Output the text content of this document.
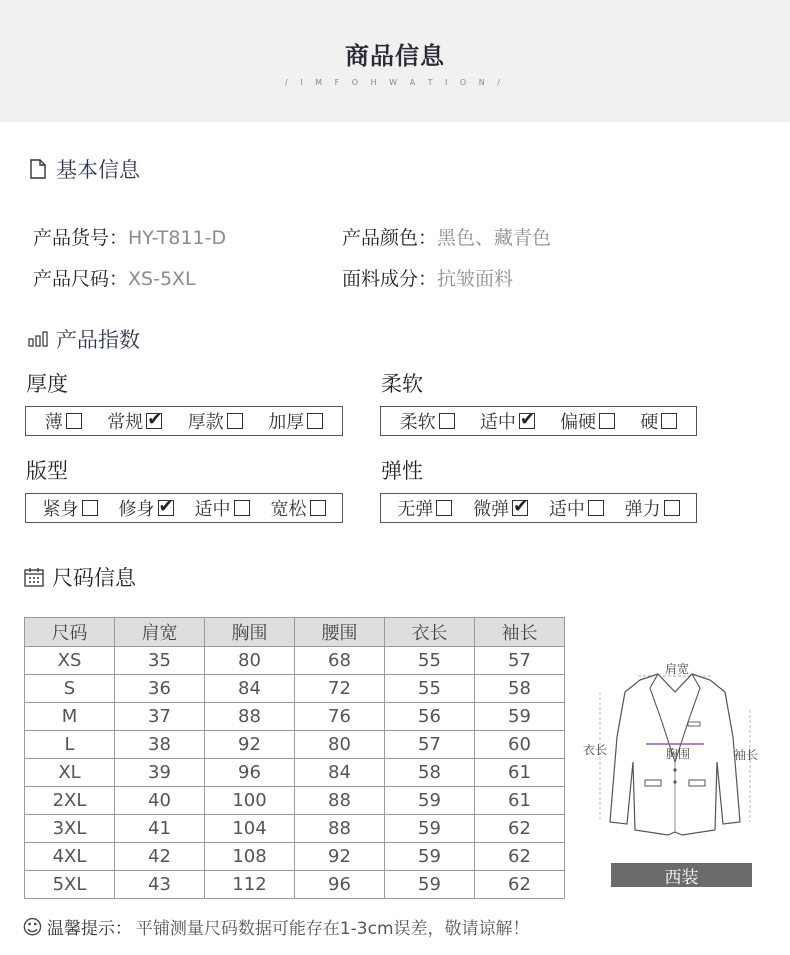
商品信息
/ I M F O H W A T I O N /
基本信息
产品货号：HY-T811-D	产品颜色：黑色、藏青色
产品尺码：XS-5XL	面料成分：抗皱面料
产品指数
厚度
薄 常规 ✔ 厚款 加厚
柔软
柔软 适中 ✔ 偏硬 硬
版型
紧身 修身 ✔ 适中 宽松
弹性
无弹 微弹 ✔ 适中 弹力
尺码信息
尺码	肩宽	胸围	腰围	衣长	袖长
XS	35	80	68	55	57
S	36	84	72	55	58
M	37	88	76	56	59
L	38	92	80	57	60
XL	39	96	84	58	61
2XL	40	100	88	59	61
3XL	41	104	88	59	62
4XL	42	108	92	59	62
5XL	43	112	96	59	62
肩宽
胸围
衣长	袖长
西装
☺ 温馨提示： 平铺测量尺码数据可能存在1-3cm误差，敬请谅解！
